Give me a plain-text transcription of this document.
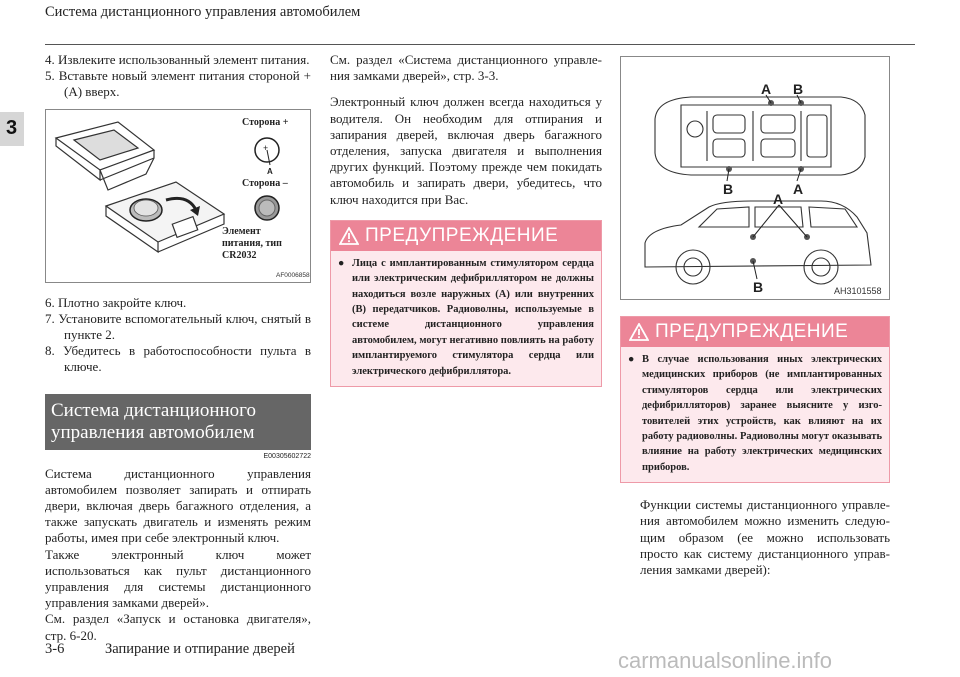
Система дистанционного управления автомобилем
3
4. Извлеките использованный элемент питания.
5. Вставьте новый элемент питания стороной + (A) вверх.
Сторона +
+
A
Сторона –
Элемент питания, тип CR2032
AF0006858
6. Плотно закройте ключ.
7. Установите вспомогательный ключ, снятый в пункте 2.
8. Убедитесь в работоспособности пульта в ключе.
Система дистанционного управления автомобилем
E00305602722
Система дистанционного управления автомобилем позволяет запирать и отпирать двери, включая дверь багажного отделения, а также запускать двигатель и изменять режим работы, имея при себе электронный ключ.
Также электронный ключ может использоваться как пульт дистанционного управления для системы дистанционного управления замками дверей».
См. раздел «Запуск и остановка двигателя», стр. 6-20.
См. раздел «Система дистанционного управления замками дверей», стр. 3-3.
Электронный ключ должен всегда находиться у водителя. Он необходим для отпирания и запирания дверей, включая дверь багажного отделения, запуска двигателя и выполнения других функций. Поэтому прежде чем покидать автомобиль и запирать двери, убедитесь, что ключ находится при Вас.
ПРЕДУПРЕЖДЕНИЕ
● Лица с имплантированным стимулятором сердца или электрическим дефибриллятором не должны находиться возле наружных (A) или внутренних (B) передатчиков. Радиоволны, используемые в системе дистанционного управления автомобилем, могут негативно повлиять на работу имплантируемого стимулятора сердца или электрического дефибриллятора.
A B
B	A
A
B	AH3101558
ПРЕДУПРЕЖДЕНИЕ
● В случае использования иных электрических медицинских приборов (не имплантированных стимуляторов сердца или электрических дефибрилляторов) заранее выясните у изготовителей этих устройств, как влияют на их работу радиоволны. Радиоволны могут оказывать влияние на работу электрических медицинских приборов.
Функции системы дистанционного управления автомобилем можно изменить следующим образом (ее можно использовать просто как систему дистанционного управления замками дверей):
3-6	Запирание и отпирание дверей	carmanualsonline.info
